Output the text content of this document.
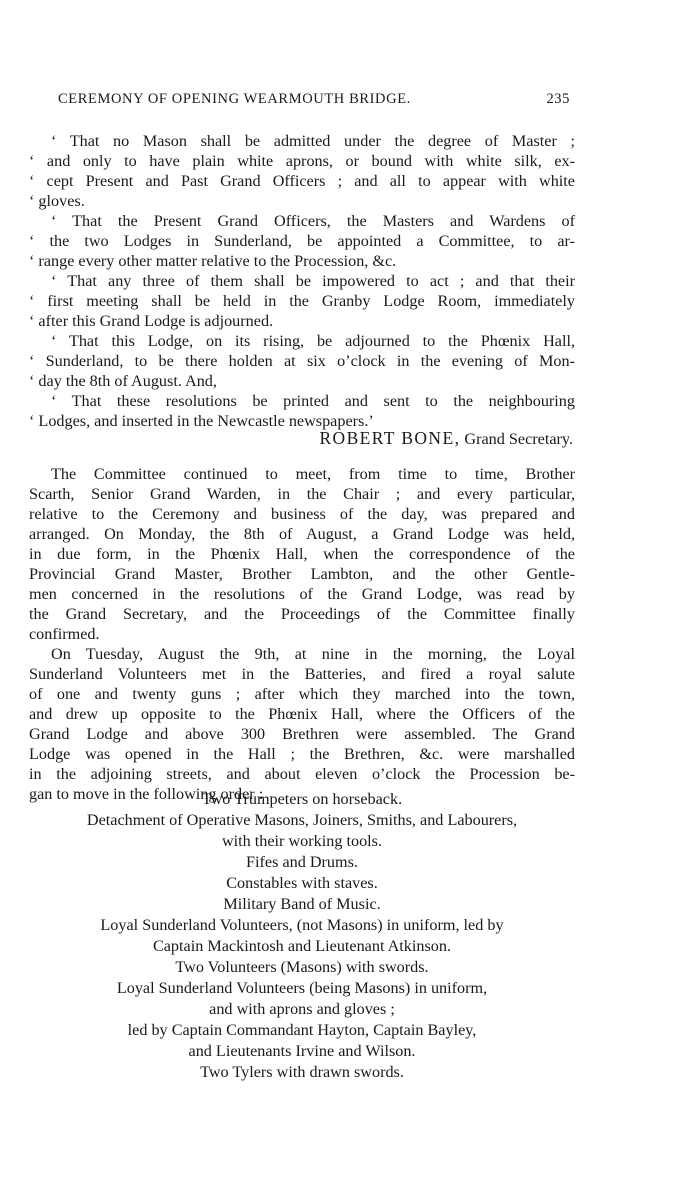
CEREMONY OF OPENING WEARMOUTH BRIDGE.	235
‘ That no Mason shall be admitted under the degree of Master ;
‘ and only to have plain white aprons, or bound with white silk, ex-
‘ cept Present and Past Grand Officers ; and all to appear with white
‘ gloves.
‘ That the Present Grand Officers, the Masters and Wardens of
‘ the two Lodges in Sunderland, be appointed a Committee, to ar-
‘ range every other matter relative to the Procession, &c.
‘ That any three of them shall be impowered to act ; and that their
‘ first meeting shall be held in the Granby Lodge Room, immediately
‘ after this Grand Lodge is adjourned.
‘ That this Lodge, on its rising, be adjourned to the Phœnix Hall,
‘ Sunderland, to be there holden at six o’clock in the evening of Mon-
‘ day the 8th of August. And,
‘ That these resolutions be printed and sent to the neighbouring
‘ Lodges, and inserted in the Newcastle newspapers.’
ROBERT BONE, Grand Secretary.
The Committee continued to meet, from time to time, Brother
Scarth, Senior Grand Warden, in the Chair ; and every particular,
relative to the Ceremony and business of the day, was prepared and
arranged. On Monday, the 8th of August, a Grand Lodge was held,
in due form, in the Phœnix Hall, when the correspondence of the
Provincial Grand Master, Brother Lambton, and the other Gentle-
men concerned in the resolutions of the Grand Lodge, was read by
the Grand Secretary, and the Proceedings of the Committee finally
confirmed.
On Tuesday, August the 9th, at nine in the morning, the Loyal
Sunderland Volunteers met in the Batteries, and fired a royal salute
of one and twenty guns ; after which they marched into the town,
and drew up opposite to the Phœnix Hall, where the Officers of the
Grand Lodge and above 300 Brethren were assembled. The Grand
Lodge was opened in the Hall ; the Brethren, &c. were marshalled
in the adjoining streets, and about eleven o’clock the Procession be-
gan to move in the following order :
Two Trumpeters on horseback.
Detachment of Operative Masons, Joiners, Smiths, and Labourers,
with their working tools.
Fifes and Drums.
Constables with staves.
Military Band of Music.
Loyal Sunderland Volunteers, (not Masons) in uniform, led by
Captain Mackintosh and Lieutenant Atkinson.
Two Volunteers (Masons) with swords.
Loyal Sunderland Volunteers (being Masons) in uniform,
and with aprons and gloves ;
led by Captain Commandant Hayton, Captain Bayley,
and Lieutenants Irvine and Wilson.
Two Tylers with drawn swords.
